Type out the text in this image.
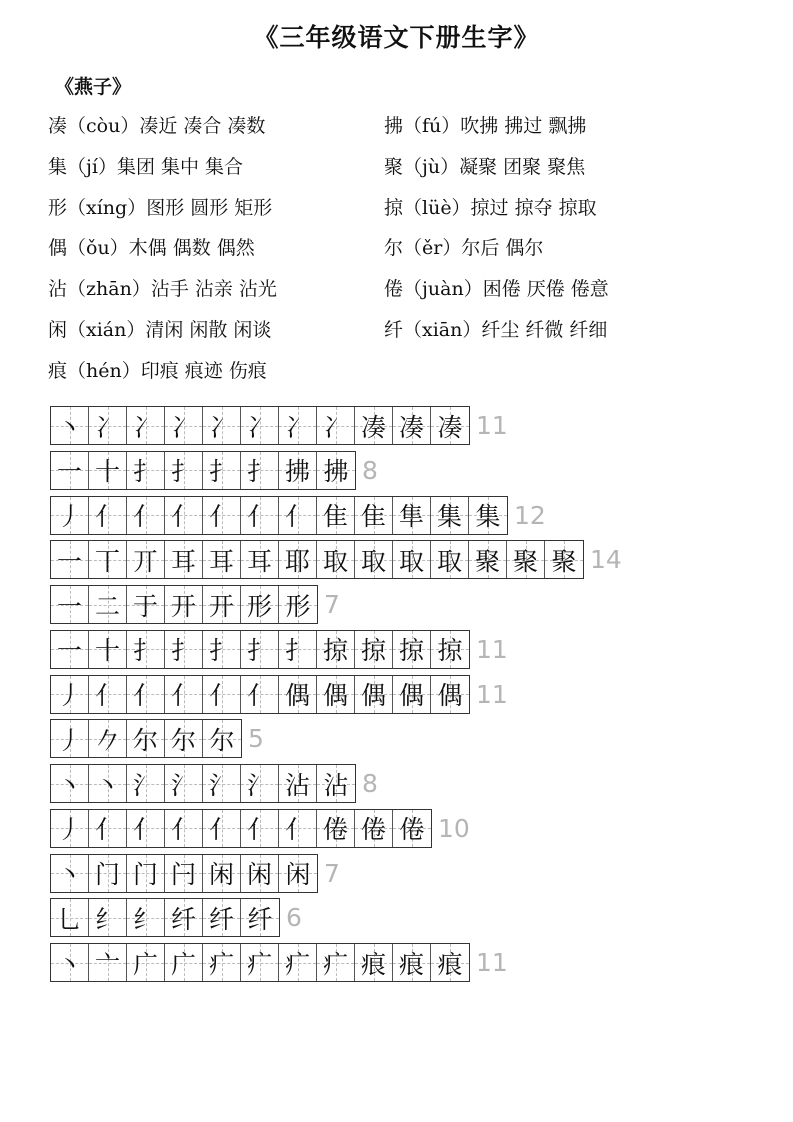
《三年级语文下册生字》
《燕子》
凑（còu）凑近 凑合 凑数	拂（fú）吹拂 拂过 飘拂
集（jí）集团 集中 集合	聚（jù）凝聚 团聚 聚焦
形（xíng）图形 圆形 矩形	掠（lüè）掠过 掠夺 掠取
偶（ǒu）木偶 偶数 偶然	尔（ěr）尔后 偶尔
沾（zhān）沾手 沾亲 沾光	倦（juàn）困倦 厌倦 倦意
闲（xián）清闲 闲散 闲谈	纤（xiān）纤尘 纤微 纤细
痕（hén）印痕 痕迹 伤痕
丶 冫 冫 冫 冫 冫 冫 冫 凑 凑 凑 11
一 十 扌 扌 扌 扌 拂 拂 8
丿 亻 亻 亻 亻 亻 亻 隹 隹 隼 集 集 12
一 丅 丌 耳 耳 耳 耶 取 取 取 取 聚 聚 聚 14
一 二 于 开 开 形 形 7
一 十 扌 扌 扌 扌 扌 掠 掠 掠 掠 11
丿 亻 亻 亻 亻 亻 偶 偶 偶 偶 偶 11
丿 𠂊 尔 尔 尔 5
丶 丶 氵 氵 氵 氵 沾 沾 8
丿 亻 亻 亻 亻 亻 亻 倦 倦 倦 10
丶 门 门 闩 闲 闲 闲 7
乚 纟 纟 纤 纤 纤 6
丶 亠 广 广 疒 疒 疒 疒 痕 痕 痕 11
